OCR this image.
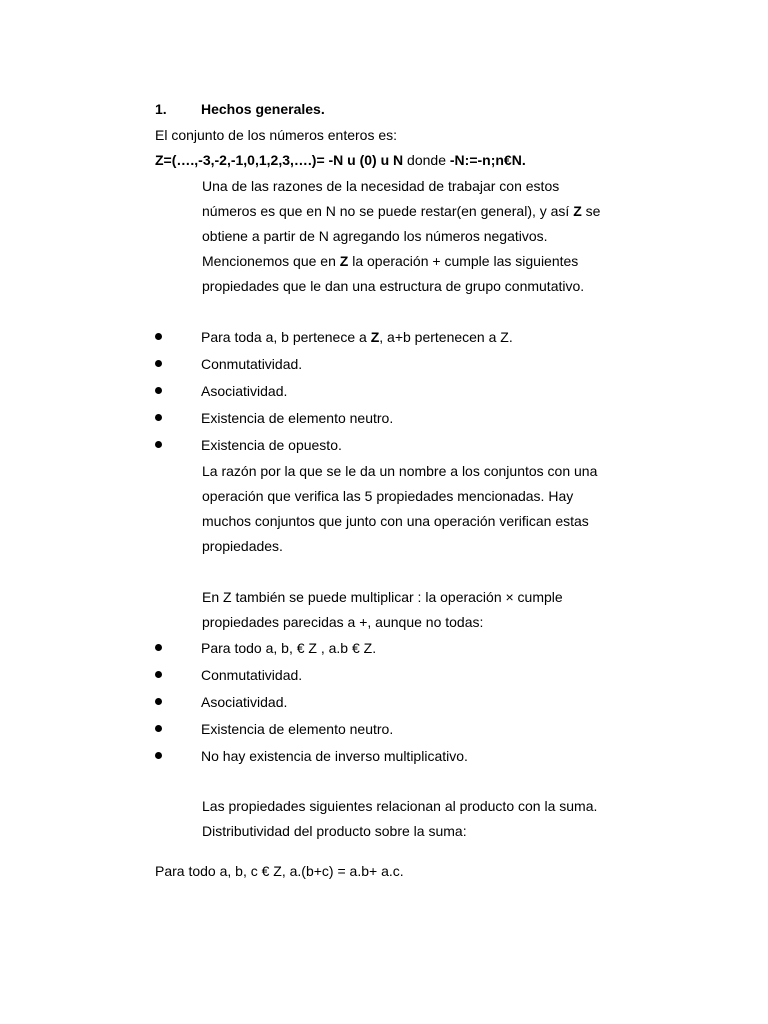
1. Hechos generales.
El conjunto de los números enteros es:
Z=(….,-3,-2,-1,0,1,2,3,….)= -N u (0) u N donde -N:=-n;n€N.
Una de las razones de la necesidad de trabajar con estos
números es que en N no se puede restar(en general), y así Z se
obtiene a partir de N agregando los números negativos.
Mencionemos que en Z la operación + cumple las siguientes
propiedades que le dan una estructura de grupo conmutativo.
Para toda a, b pertenece a Z, a+b pertenecen a Z.
Conmutatividad.
Asociatividad.
Existencia de elemento neutro.
Existencia de opuesto.
La razón por la que se le da un nombre a los conjuntos con una
operación que verifica las 5 propiedades mencionadas. Hay
muchos conjuntos que junto con una operación verifican estas
propiedades.
En Z también se puede multiplicar : la operación × cumple
propiedades parecidas a +, aunque no todas:
Para todo a, b, € Z , a.b € Z.
Conmutatividad.
Asociatividad.
Existencia de elemento neutro.
No hay existencia de inverso multiplicativo.
Las propiedades siguientes relacionan al producto con la suma.
Distributividad del producto sobre la suma:
Para todo a, b, c € Z, a.(b+c) = a.b+ a.c.
